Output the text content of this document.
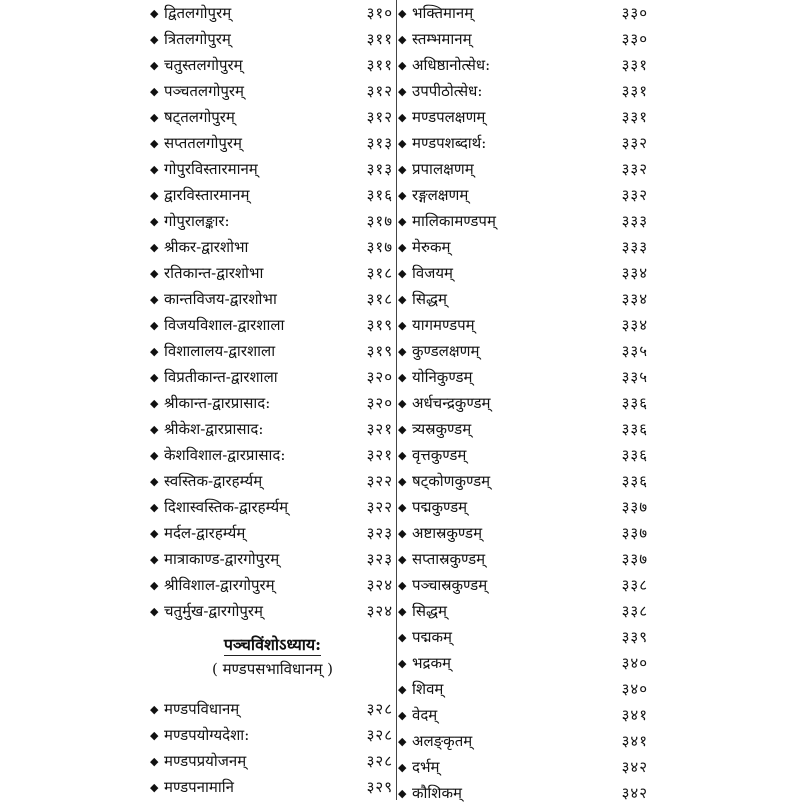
◆ द्वितलगोपुरम्	३१०
◆ त्रितलगोपुरम्	३११
◆ चतुस्तलगोपुरम्	३११
◆ पञ्चतलगोपुरम्	३१२
◆ षट्तलगोपुरम्	३१२
◆ सप्ततलगोपुरम्	३१३
◆ गोपुरविस्तारमानम्	३१३
◆ द्वारविस्तारमानम्	३१६
◆ गोपुरालङ्कार:	३१७
◆ श्रीकर-द्वारशोभा	३१७
◆ रतिकान्त-द्वारशोभा	३१८
◆ कान्तविजय-द्वारशोभा	३१८
◆ विजयविशाल-द्वारशाला	३१९
◆ विशालालय-द्वारशाला	३१९
◆ विप्रतीकान्त-द्वारशाला	३२०
◆ श्रीकान्त-द्वारप्रासाद:	३२०
◆ श्रीकेश-द्वारप्रासाद:	३२१
◆ केशविशाल-द्वारप्रासाद:	३२१
◆ स्वस्तिक-द्वारहर्म्यम्	३२२
◆ दिशास्वस्तिक-द्वारहर्म्यम्	३२२
◆ मर्दल-द्वारहर्म्यम्	३२३
◆ मात्राकाण्ड-द्वारगोपुरम्	३२३
◆ श्रीविशाल-द्वारगोपुरम्	३२४
◆ चतुर्मुख-द्वारगोपुरम्	३२४
पञ्चविंशोऽध्याय:
( मण्डपसभाविधानम् )
◆ मण्डपविधानम्	३२८
◆ मण्डपयोग्यदेशा:	३२८
◆ मण्डपप्रयोजनम्	३२८
◆ मण्डपनामानि	३२९
◆ भक्तिमानम्	३३०
◆ स्तम्भमानम्	३३०
◆ अधिष्ठानोत्सेध:	३३१
◆ उपपीठोत्सेध:	३३१
◆ मण्डपलक्षणम्	३३१
◆ मण्डपशब्दार्थ:	३३२
◆ प्रपालक्षणम्	३३२
◆ रङ्गलक्षणम्	३३२
◆ मालिकामण्डपम्	३३३
◆ मेरुकम्	३३३
◆ विजयम्	३३४
◆ सिद्धम्	३३४
◆ यागमण्डपम्	३३४
◆ कुण्डलक्षणम्	३३५
◆ योनिकुण्डम्	३३५
◆ अर्धचन्द्रकुण्डम्	३३६
◆ त्र्यस्रकुण्डम्	३३६
◆ वृत्तकुण्डम्	३३६
◆ षट्कोणकुण्डम्	३३६
◆ पद्मकुण्डम्	३३७
◆ अष्टास्रकुण्डम्	३३७
◆ सप्तास्रकुण्डम्	३३७
◆ पञ्चास्रकुण्डम्	३३८
◆ सिद्धम्	३३८
◆ पद्मकम्	३३९
◆ भद्रकम्	३४०
◆ शिवम्	३४०
◆ वेदम्	३४१
◆ अलङ्कृतम्	३४१
◆ दर्भम्	३४२
◆ कौशिकम्	३४२
